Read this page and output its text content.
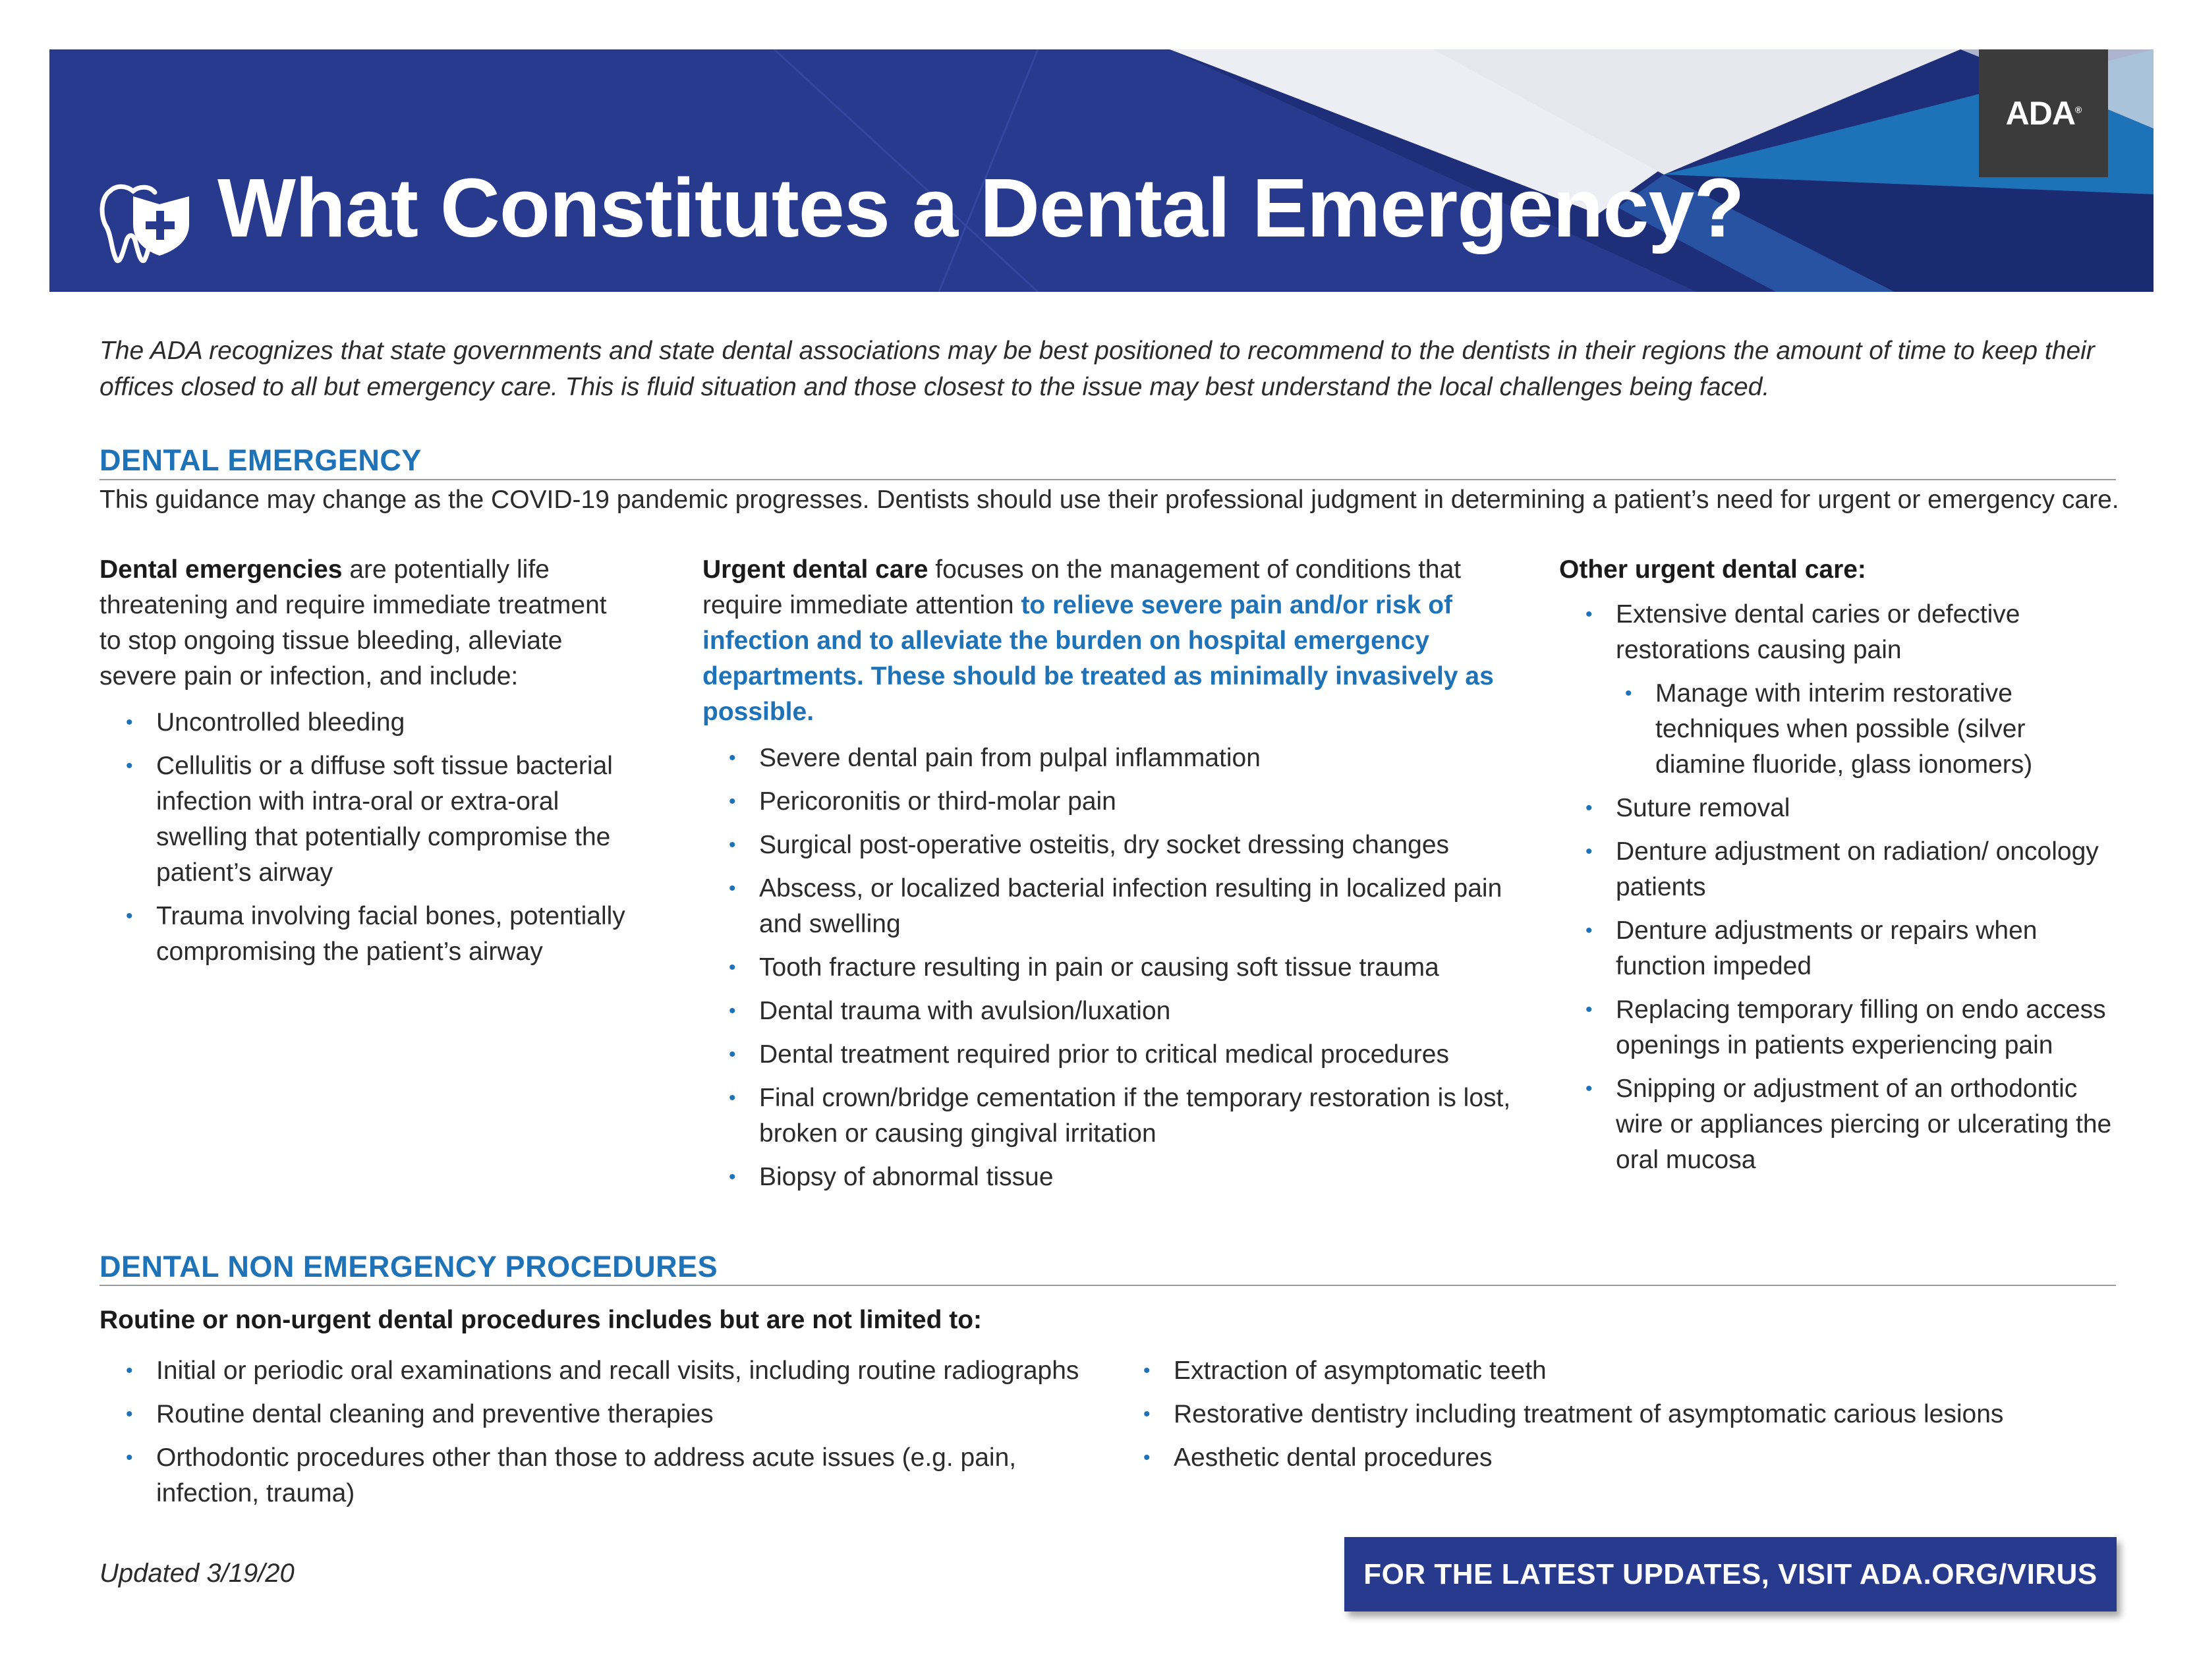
ADA®
What Constitutes a Dental Emergency?
The ADA recognizes that state governments and state dental associations may be best positioned to recommend to the dentists in their regions the amount of time to keep their offices closed to all but emergency care. This is fluid situation and those closest to the issue may best understand the local challenges being faced.
DENTAL EMERGENCY
This guidance may change as the COVID-19 pandemic progresses. Dentists should use their professional judgment in determining a patient’s need for urgent or emergency care.

Dental emergencies are potentially life threatening and require immediate treatment to stop ongoing tissue bleeding, alleviate severe pain or infection, and include:

• Uncontrolled bleeding
• Cellulitis or a diffuse soft tissue bacterial infection with intra-oral or extra-oral swelling that potentially compromise the patient’s airway
• Trauma involving facial bones, potentially compromising the patient’s airway

Urgent dental care focuses on the management of conditions that require immediate attention to relieve severe pain and/or risk of infection and to alleviate the burden on hospital emergency departments. These should be treated as minimally invasively as possible.

• Severe dental pain from pulpal inflammation
• Pericoronitis or third-molar pain
• Surgical post-operative osteitis, dry socket dressing changes
• Abscess, or localized bacterial infection resulting in localized pain and swelling
• Tooth fracture resulting in pain or causing soft tissue trauma
• Dental trauma with avulsion/luxation
• Dental treatment required prior to critical medical procedures
• Final crown/bridge cementation if the temporary restoration is lost, broken or causing gingival irritation
• Biopsy of abnormal tissue

Other urgent dental care:

• Extensive dental caries or defective restorations causing pain
• Manage with interim restorative techniques when possible (silver diamine fluoride, glass ionomers)
• Suture removal
• Denture adjustment on radiation/ oncology patients
• Denture adjustments or repairs when function impeded
• Replacing temporary filling on endo access openings in patients experiencing pain
• Snipping or adjustment of an orthodontic wire or appliances piercing or ulcerating the oral mucosa
DENTAL NON EMERGENCY PROCEDURES
Routine or non-urgent dental procedures includes but are not limited to:
• Initial or periodic oral examinations and recall visits, including routine radiographs
• Routine dental cleaning and preventive therapies
• Orthodontic procedures other than those to address acute issues (e.g. pain, infection, trauma)
• Extraction of asymptomatic teeth
• Restorative dentistry including treatment of asymptomatic carious lesions
• Aesthetic dental procedures
Updated 3/19/20	FOR THE LATEST UPDATES, VISIT ADA.ORG/VIRUS
